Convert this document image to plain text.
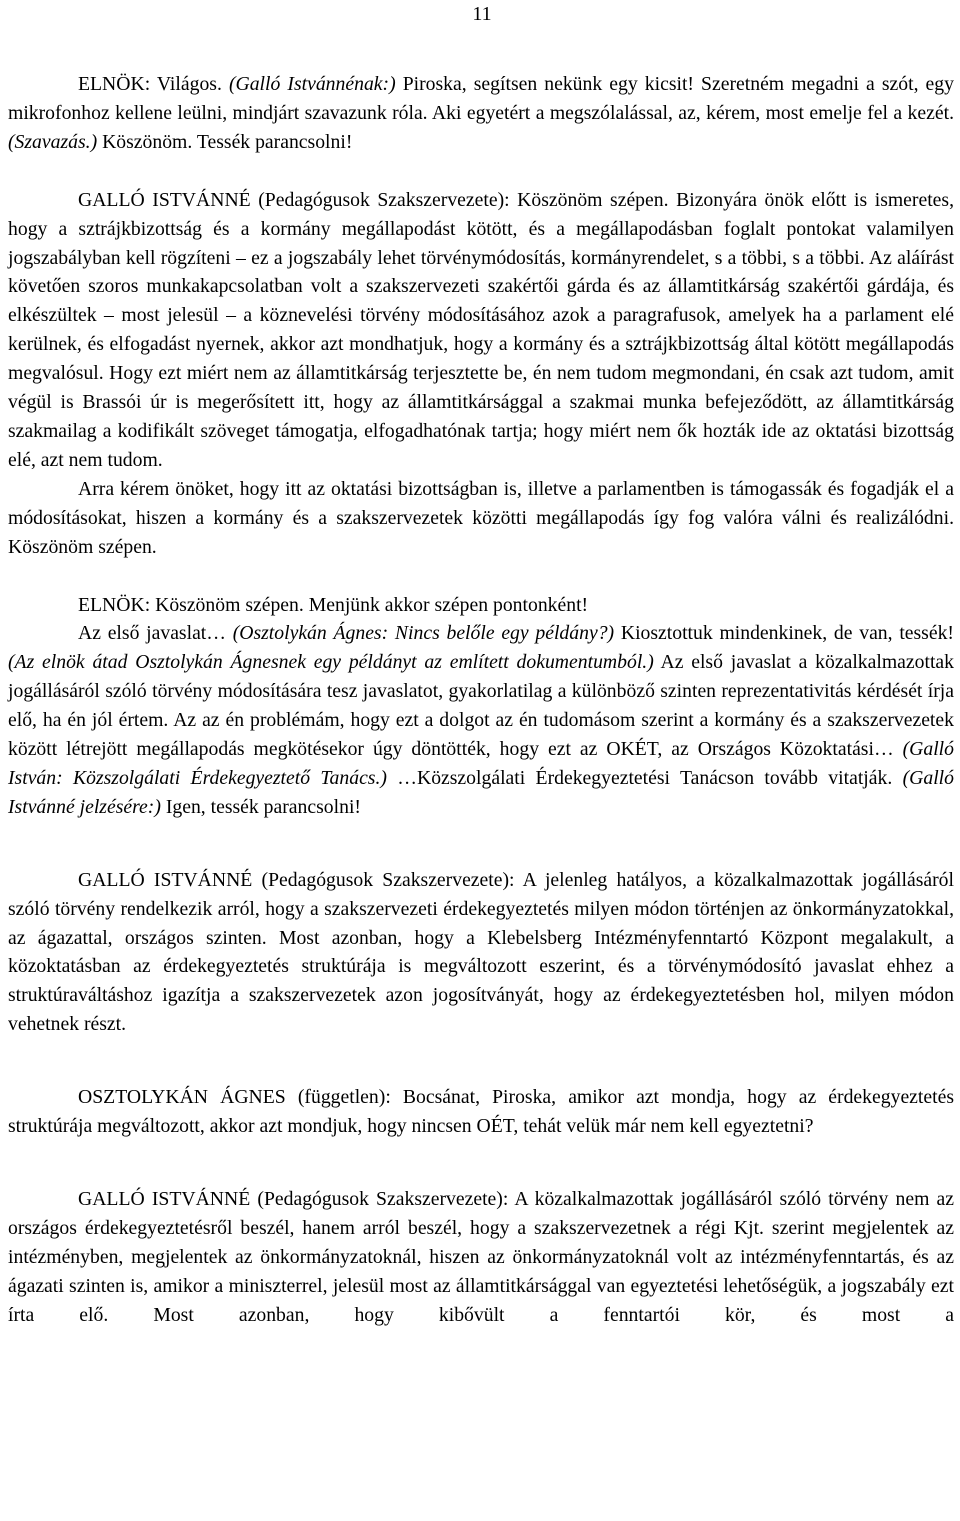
11

ELNÖK: Világos. (Galló Istvánnénak:) Piroska, segítsen nekünk egy kicsit! Szeretném megadni a szót, egy mikrofonhoz kellene leülni, mindjárt szavazunk róla. Aki egyetért a megszólalással, az, kérem, most emelje fel a kezét. (Szavazás.) Köszönöm. Tessék parancsolni!

GALLÓ ISTVÁNNÉ (Pedagógusok Szakszervezete): Köszönöm szépen. Bizonyára önök előtt is ismeretes, hogy a sztrájkbizottság és a kormány megállapodást kötött, és a megállapodásban foglalt pontokat valamilyen jogszabályban kell rögzíteni – ez a jogszabály lehet törvénymódosítás, kormányrendelet, s a többi, s a többi. Az aláírást követően szoros munkakapcsolatban volt a szakszervezeti szakértői gárda és az államtitkárság szakértői gárdája, és elkészültek – most jelesül – a köznevelési törvény módosításához azok a paragrafusok, amelyek ha a parlament elé kerülnek, és elfogadást nyernek, akkor azt mondhatjuk, hogy a kormány és a sztrájkbizottság által kötött megállapodás megvalósul. Hogy ezt miért nem az államtitkárság terjesztette be, én nem tudom megmondani, én csak azt tudom, amit végül is Brassói úr is megerősített itt, hogy az államtitkársággal a szakmai munka befejeződött, az államtitkárság szakmailag a kodifikált szöveget támogatja, elfogadhatónak tartja; hogy miért nem ők hozták ide az oktatási bizottság elé, azt nem tudom.

Arra kérem önöket, hogy itt az oktatási bizottságban is, illetve a parlamentben is támogassák és fogadják el a módosításokat, hiszen a kormány és a szakszervezetek közötti megállapodás így fog valóra válni és realizálódni. Köszönöm szépen.

ELNÖK: Köszönöm szépen. Menjünk akkor szépen pontonként!

Az első javaslat… (Osztolykán Ágnes: Nincs belőle egy példány?) Kiosztottuk mindenkinek, de van, tessék! (Az elnök átad Osztolykán Ágnesnek egy példányt az említett dokumentumból.) Az első javaslat a közalkalmazottak jogállásáról szóló törvény módosítására tesz javaslatot, gyakorlatilag a különböző szinten reprezentativitás kérdését írja elő, ha én jól értem. Az az én problémám, hogy ezt a dolgot az én tudomásom szerint a kormány és a szakszervezetek között létrejött megállapodás megkötésekor úgy döntötték, hogy ezt az OKÉT, az Országos Közoktatási… (Galló István: Közszolgálati Érdekegyeztető Tanács.) …Közszolgálati Érdekegyeztetési Tanácson tovább vitatják. (Galló Istvánné jelzésére:) Igen, tessék parancsolni!

GALLÓ ISTVÁNNÉ (Pedagógusok Szakszervezete): A jelenleg hatályos, a közalkalmazottak jogállásáról szóló törvény rendelkezik arról, hogy a szakszervezeti érdekegyeztetés milyen módon történjen az önkormányzatokkal, az ágazattal, országos szinten. Most azonban, hogy a Klebelsberg Intézményfenntartó Központ megalakult, a közoktatásban az érdekegyeztetés struktúrája is megváltozott eszerint, és a törvénymódosító javaslat ehhez a struktúraváltáshoz igazítja a szakszervezetek azon jogosítványát, hogy az érdekegyeztetésben hol, milyen módon vehetnek részt.

OSZTOLYKÁN ÁGNES (független): Bocsánat, Piroska, amikor azt mondja, hogy az érdekegyeztetés struktúrája megváltozott, akkor azt mondjuk, hogy nincsen OÉT, tehát velük már nem kell egyeztetni?

GALLÓ ISTVÁNNÉ (Pedagógusok Szakszervezete): A közalkalmazottak jogállásáról szóló törvény nem az országos érdekegyeztetésről beszél, hanem arról beszél, hogy a szakszervezetnek a régi Kjt. szerint megjelentek az intézményben, megjelentek az önkormányzatoknál, hiszen az önkormányzatoknál volt az intézményfenntartás, és az ágazati szinten is, amikor a miniszterrel, jelesül most az államtitkársággal van egyeztetési lehetőségük, a jogszabály ezt írta elő. Most azonban, hogy kibővült a fenntartói kör, és most a
